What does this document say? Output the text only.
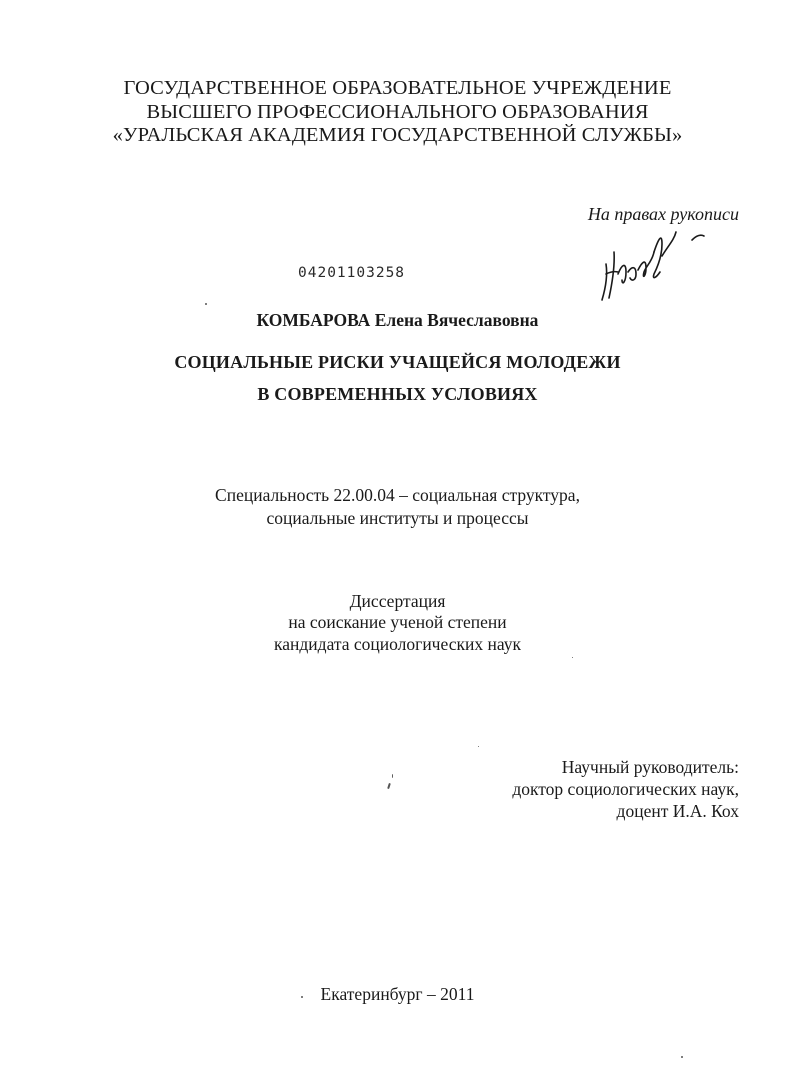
ГОСУДАРСТВЕННОЕ ОБРАЗОВАТЕЛЬНОЕ УЧРЕЖДЕНИЕ
ВЫСШЕГО ПРОФЕССИОНАЛЬНОГО ОБРАЗОВАНИЯ
«УРАЛЬСКАЯ АКАДЕМИЯ ГОСУДАРСТВЕННОЙ СЛУЖБЫ»
На правах рукописи
04201103258
КОМБАРОВА Елена Вячеславовна
СОЦИАЛЬНЫЕ РИСКИ УЧАЩЕЙСЯ МОЛОДЕЖИ
В СОВРЕМЕННЫХ УСЛОВИЯХ
Специальность 22.00.04 – социальная структура,
социальные институты и процессы
Диссертация
на соискание ученой степени
кандидата социологических наук
Научный руководитель:
доктор социологических наук,
доцент И.А. Кох
Екатеринбург – 2011
